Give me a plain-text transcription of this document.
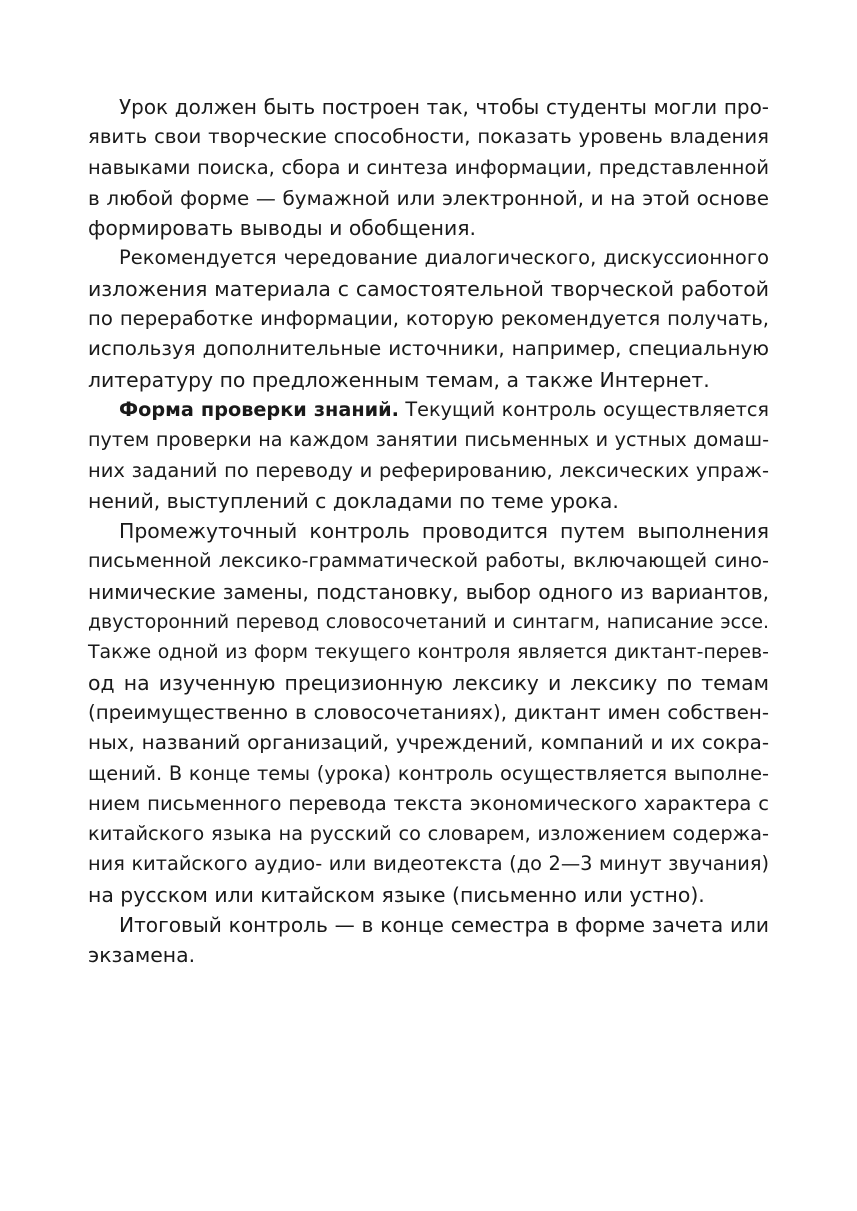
Урок должен быть построен так, чтобы студенты могли про-
явить свои творческие способности, показать уровень владения
навыками поиска, сбора и синтеза информации, представленной
в любой форме — бумажной или электронной, и на этой основе
формировать выводы и обобщения.
Рекомендуется чередование диалогического, дискуссионного
изложения материала с самостоятельной творческой работой
по переработке информации, которую рекомендуется получать,
используя дополнительные источники, например, специальную
литературу по предложенным темам, а также Интернет.
Форма проверки знаний. Текущий контроль осуществляется
путем проверки на каждом занятии письменных и устных домаш-
них заданий по переводу и реферированию, лексических упраж-
нений, выступлений с докладами по теме урока.
Промежуточный контроль проводится путем выполнения
письменной лексико-грамматической работы, включающей сино-
нимические замены, подстановку, выбор одного из вариантов,
двусторонний перевод словосочетаний и синтагм, написание эссе.
Также одной из форм текущего контроля является диктант-перев-
од на изученную прецизионную лексику и лексику по темам
(преимущественно в словосочетаниях), диктант имен собствен-
ных, названий организаций, учреждений, компаний и их сокра-
щений. В конце темы (урока) контроль осуществляется выполне-
нием письменного перевода текста экономического характера с
китайского языка на русский со словарем, изложением содержа-
ния китайского аудио- или видеотекста (до 2—3 минут звучания)
на русском или китайском языке (письменно или устно).
Итоговый контроль — в конце семестра в форме зачета или
экзамена.
